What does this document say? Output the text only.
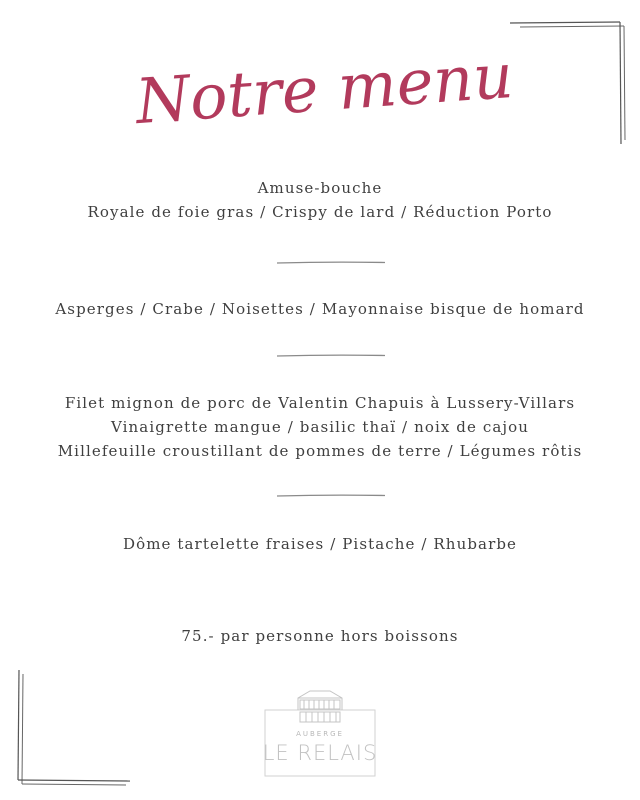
Notre menu
Amuse-bouche
Royale de foie gras / Crispy de lard / Réduction Porto
Asperges / Crabe / Noisettes / Mayonnaise bisque de homard
Filet mignon de porc de Valentin Chapuis à Lussery-Villars
Vinaigrette mangue / basilic thaï / noix de cajou
Millefeuille croustillant de pommes de terre / Légumes rôtis
Dôme tartelette fraises / Pistache / Rhubarbe
75.- par personne hors boissons
AUBERGE
LE RELAIS
